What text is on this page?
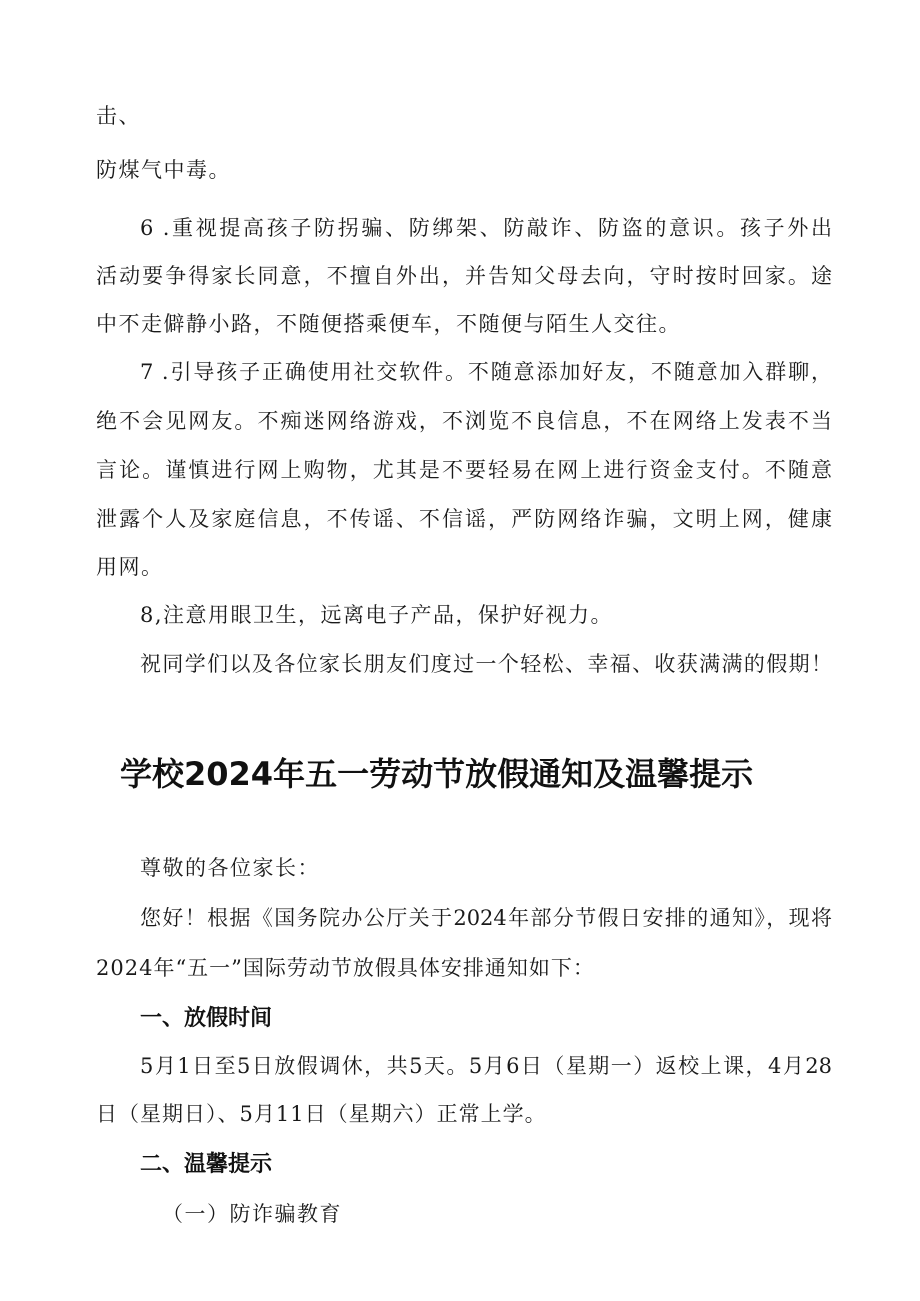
击、
防煤气中毒。
6 .重视提高孩子防拐骗、防绑架、防敲诈、防盗的意识。孩子外出
活动要争得家长同意，不擅自外出，并告知父母去向，守时按时回家。途
中不走僻静小路，不随便搭乘便车，不随便与陌生人交往。
7 .引导孩子正确使用社交软件。不随意添加好友，不随意加入群聊，
绝不会见网友。不痴迷网络游戏，不浏览不良信息，不在网络上发表不当
言论。谨慎进行网上购物，尤其是不要轻易在网上进行资金支付。不随意
泄露个人及家庭信息，不传谣、不信谣，严防网络诈骗，文明上网，健康
用网。
8,注意用眼卫生，远离电子产品，保护好视力。
祝同学们以及各位家长朋友们度过一个轻松、幸福、收获满满的假期！
学校2024年五一劳动节放假通知及温馨提示
尊敬的各位家长：
您好！根据《国务院办公厅关于2024年部分节假日安排的通知》，现将
2024年“五一”国际劳动节放假具体安排通知如下：
一、放假时间
5月1日至5日放假调休，共5天。5月6日（星期一）返校上课，4月28
日（星期日）、5月11日（星期六）正常上学。
二、温馨提示
（一）防诈骗教育
